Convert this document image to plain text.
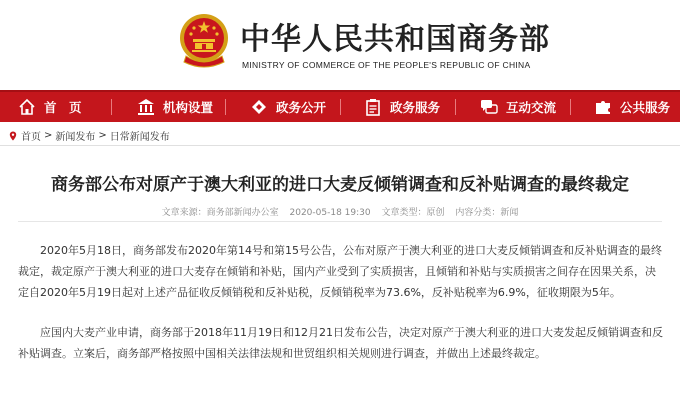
中华人民共和国商务部
MINISTRY OF COMMERCE OF THE PEOPLE'S REPUBLIC OF CHINA
首　页	机构设置	政务公开	政务服务	互动交流	公共服务
首页 > 新闻发布 > 日常新闻发布
商务部公布对原产于澳大利亚的进口大麦反倾销调查和反补贴调查的最终裁定
文章来源：商务部新闻办公室 2020-05-18 19:30 文章类型：原创 内容分类：新闻
2020年5月18日，商务部发布2020年第14号和第15号公告，公布对原产于澳大利亚的进口大麦反倾销调查和反补贴调查的最终裁定，裁定原产于澳大利亚的进口大麦存在倾销和补贴，国内产业受到了实质损害，且倾销和补贴与实质损害之间存在因果关系，决定自2020年5月19日起对上述产品征收反倾销税和反补贴税，反倾销税率为73.6%，反补贴税率为6.9%，征收期限为5年。
应国内大麦产业申请，商务部于2018年11月19日和12月21日发布公告，决定对原产于澳大利亚的进口大麦发起反倾销调查和反补贴调查。立案后，商务部严格按照中国相关法律法规和世贸组织相关规则进行调查，并做出上述最终裁定。
